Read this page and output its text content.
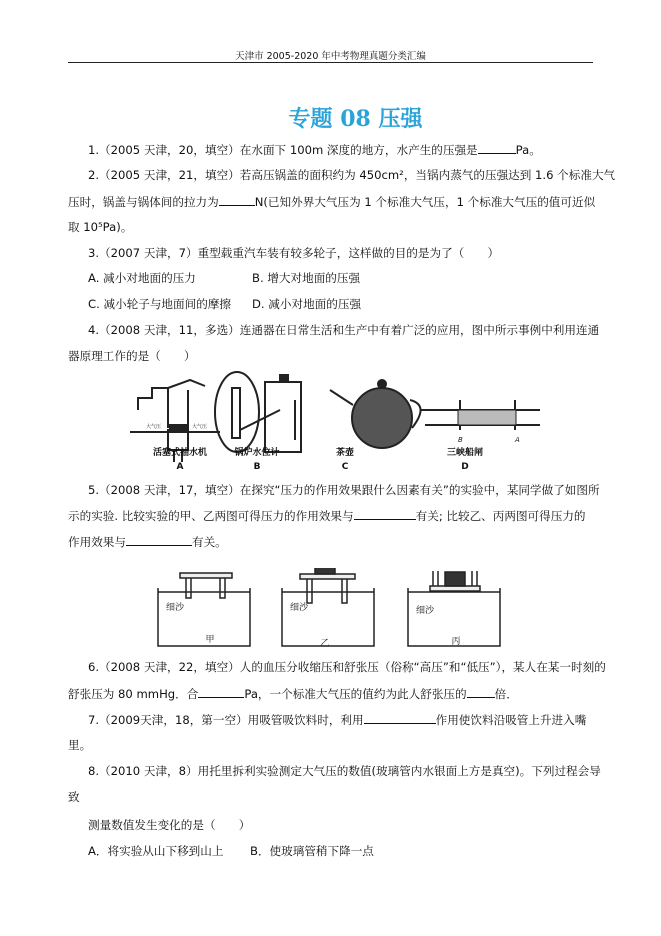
天津市 2005-2020 年中考物理真题分类汇编
专题 08 压强
1.（2005 天津，20，填空）在水面下 100m 深度的地方，水产生的压强是	Pa。
2.（2005 天津，21，填空）若高压锅盖的面积约为 450cm²，当锅内蒸气的压强达到 1.6 个标准大气
压时，锅盖与锅体间的拉力为	N(已知外界大气压为 1 个标准大气压，1 个标准大气压的值可近似
取 10⁵Pa)。
3.（2007 天津，7）重型载重汽车装有较多轮子，这样做的目的是为了（　　）
A. 减小对地面的压力	B. 增大对地面的压强
C. 减小轮子与地面间的摩擦 D. 减小对地面的压强
4.（2008 天津，11，多选）连通器在日常生活和生产中有着广泛的应用，图中所示事例中利用连通
器原理工作的是（　　）
大气压	大气压
B	A
活塞式抽水机
A
锅炉水位计
B
茶壶
C
三峡船闸
D
5.（2008 天津，17，填空）在探究“压力的作用效果跟什么因素有关”的实验中，某同学做了如图所
示的实验. 比较实验的甲、乙两图可得压力的作用效果与	有关; 比较乙、丙两图可得压力的
作用效果与	有关。
细沙	细沙	细沙
甲	乙	丙
6.（2008 天津，22，填空）人的血压分收缩压和舒张压（俗称“高压”和“低压”），某人在某一时刻的
舒张压为 80 mmHg．合	Pa，一个标准大气压的值约为此人舒张压的 倍．
7.（2009天津，18，第一空）用吸管吸饮料时，利用	作用使饮料沿吸管上升进入嘴
里。
8.（2010 天津，8）用托里拆利实验测定大气压的数值(玻璃管内水银面上方是真空)。下列过程会导
致
测量数值发生变化的是（　　）
A．将实验从山下移到山上 B．使玻璃管稍下降一点
